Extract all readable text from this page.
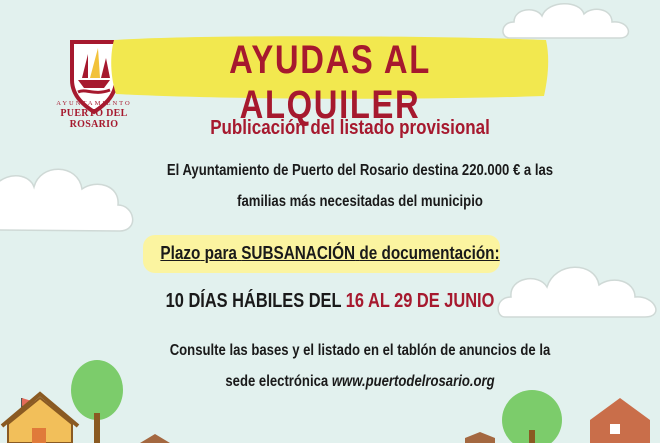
AYUNTAMIENTO
PUERTO DEL ROSARIO
AYUDAS AL ALQUILER
Publicación del listado provisional
El Ayuntamiento de Puerto del Rosario destina 220.000 € a las
familias más necesitadas del municipio
Plazo para SUBSANACIÓN de documentación:
10 DÍAS HÁBILES DEL 16 AL 29 DE JUNIO
Consulte las bases y el listado en el tablón de anuncios de la
sede electrónica www.puertodelrosario.org
